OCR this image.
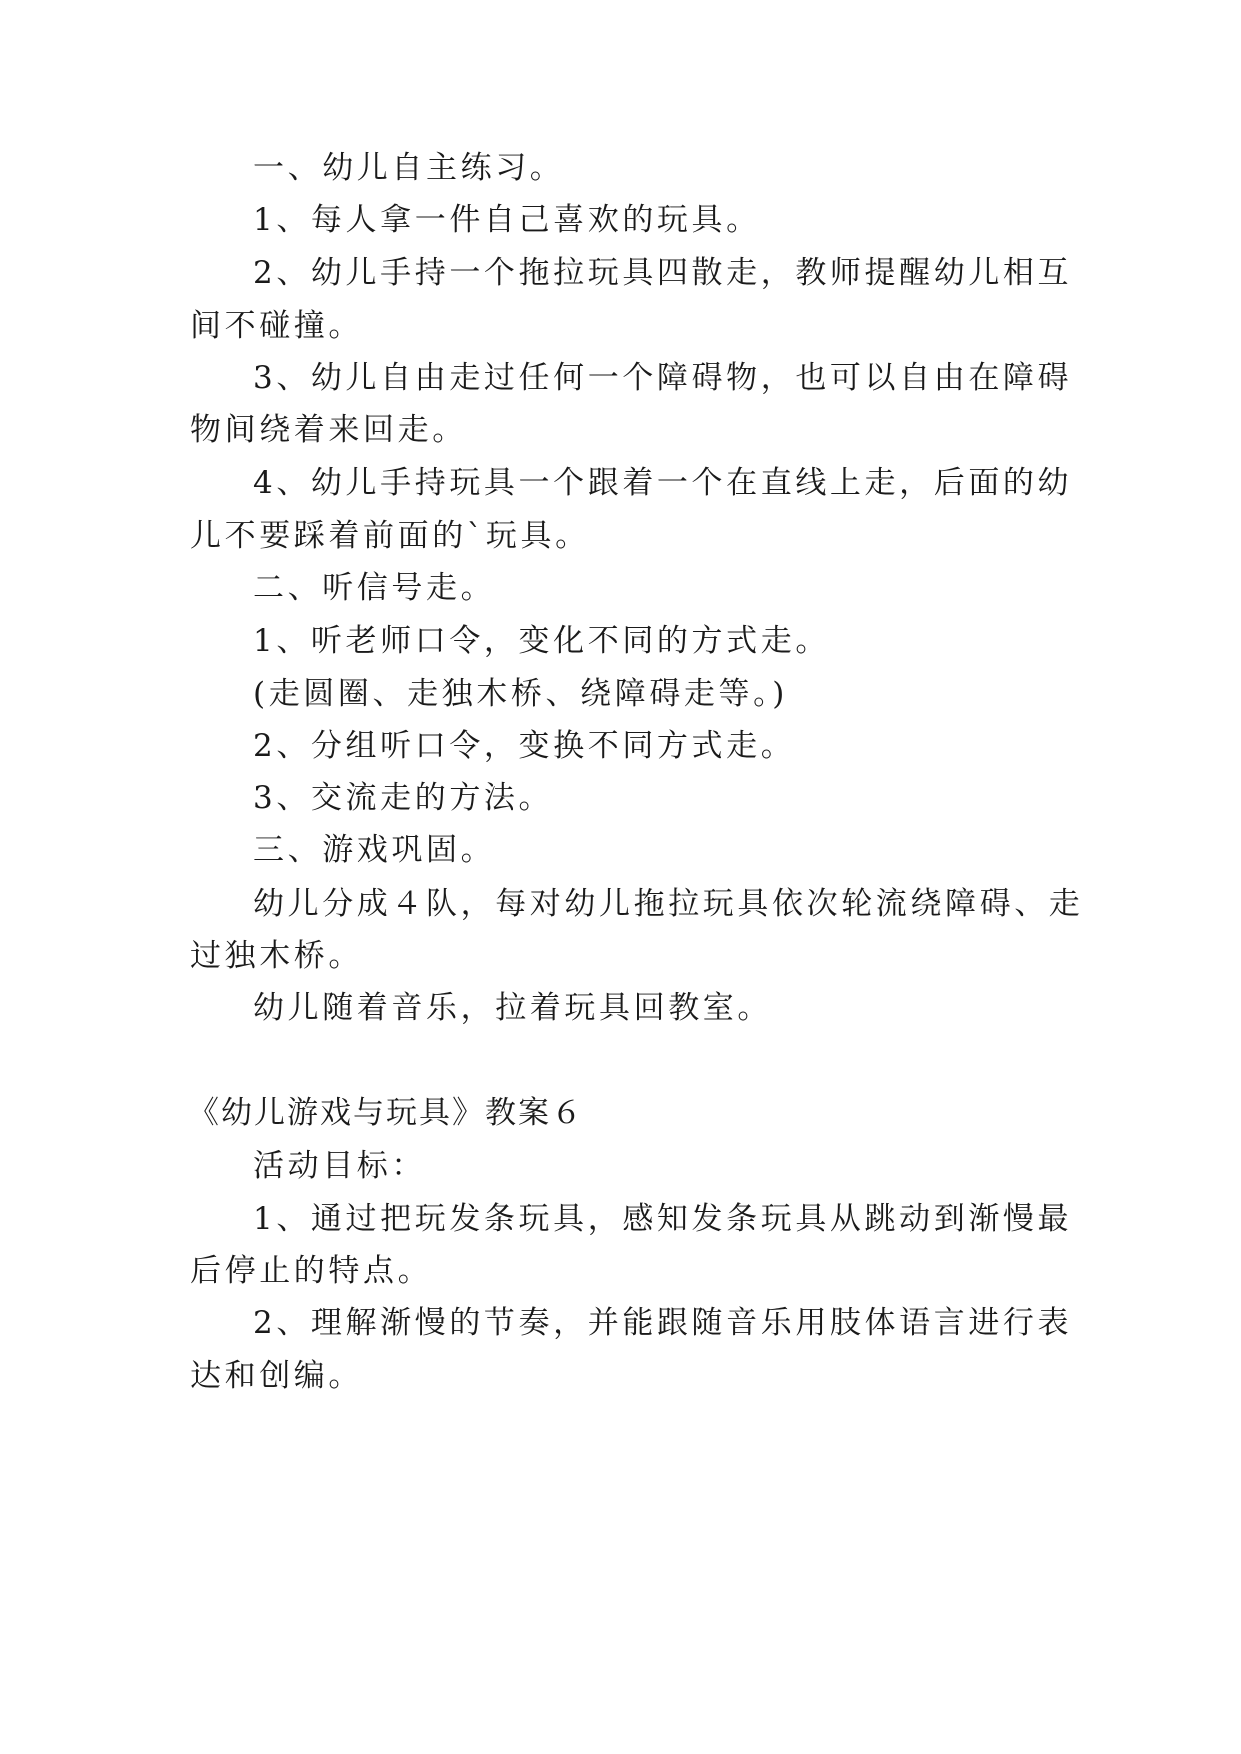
一、幼儿自主练习。
1、每人拿一件自己喜欢的玩具。
2、幼儿手持一个拖拉玩具四散走，教师提醒幼儿相互
间不碰撞。
3、幼儿自由走过任何一个障碍物，也可以自由在障碍
物间绕着来回走。
4、幼儿手持玩具一个跟着一个在直线上走，后面的幼
儿不要踩着前面的`玩具。
二、听信号走。
1、听老师口令，变化不同的方式走。
(走圆圈、走独木桥、绕障碍走等。)
2、分组听口令，变换不同方式走。
3、交流走的方法。
三、游戏巩固。
幼儿分成４队，每对幼儿拖拉玩具依次轮流绕障碍、走
过独木桥。
幼儿随着音乐，拉着玩具回教室。
《幼儿游戏与玩具》教案６
活动目标：
1、通过把玩发条玩具，感知发条玩具从跳动到渐慢最
后停止的特点。
2、理解渐慢的节奏，并能跟随音乐用肢体语言进行表
达和创编。
